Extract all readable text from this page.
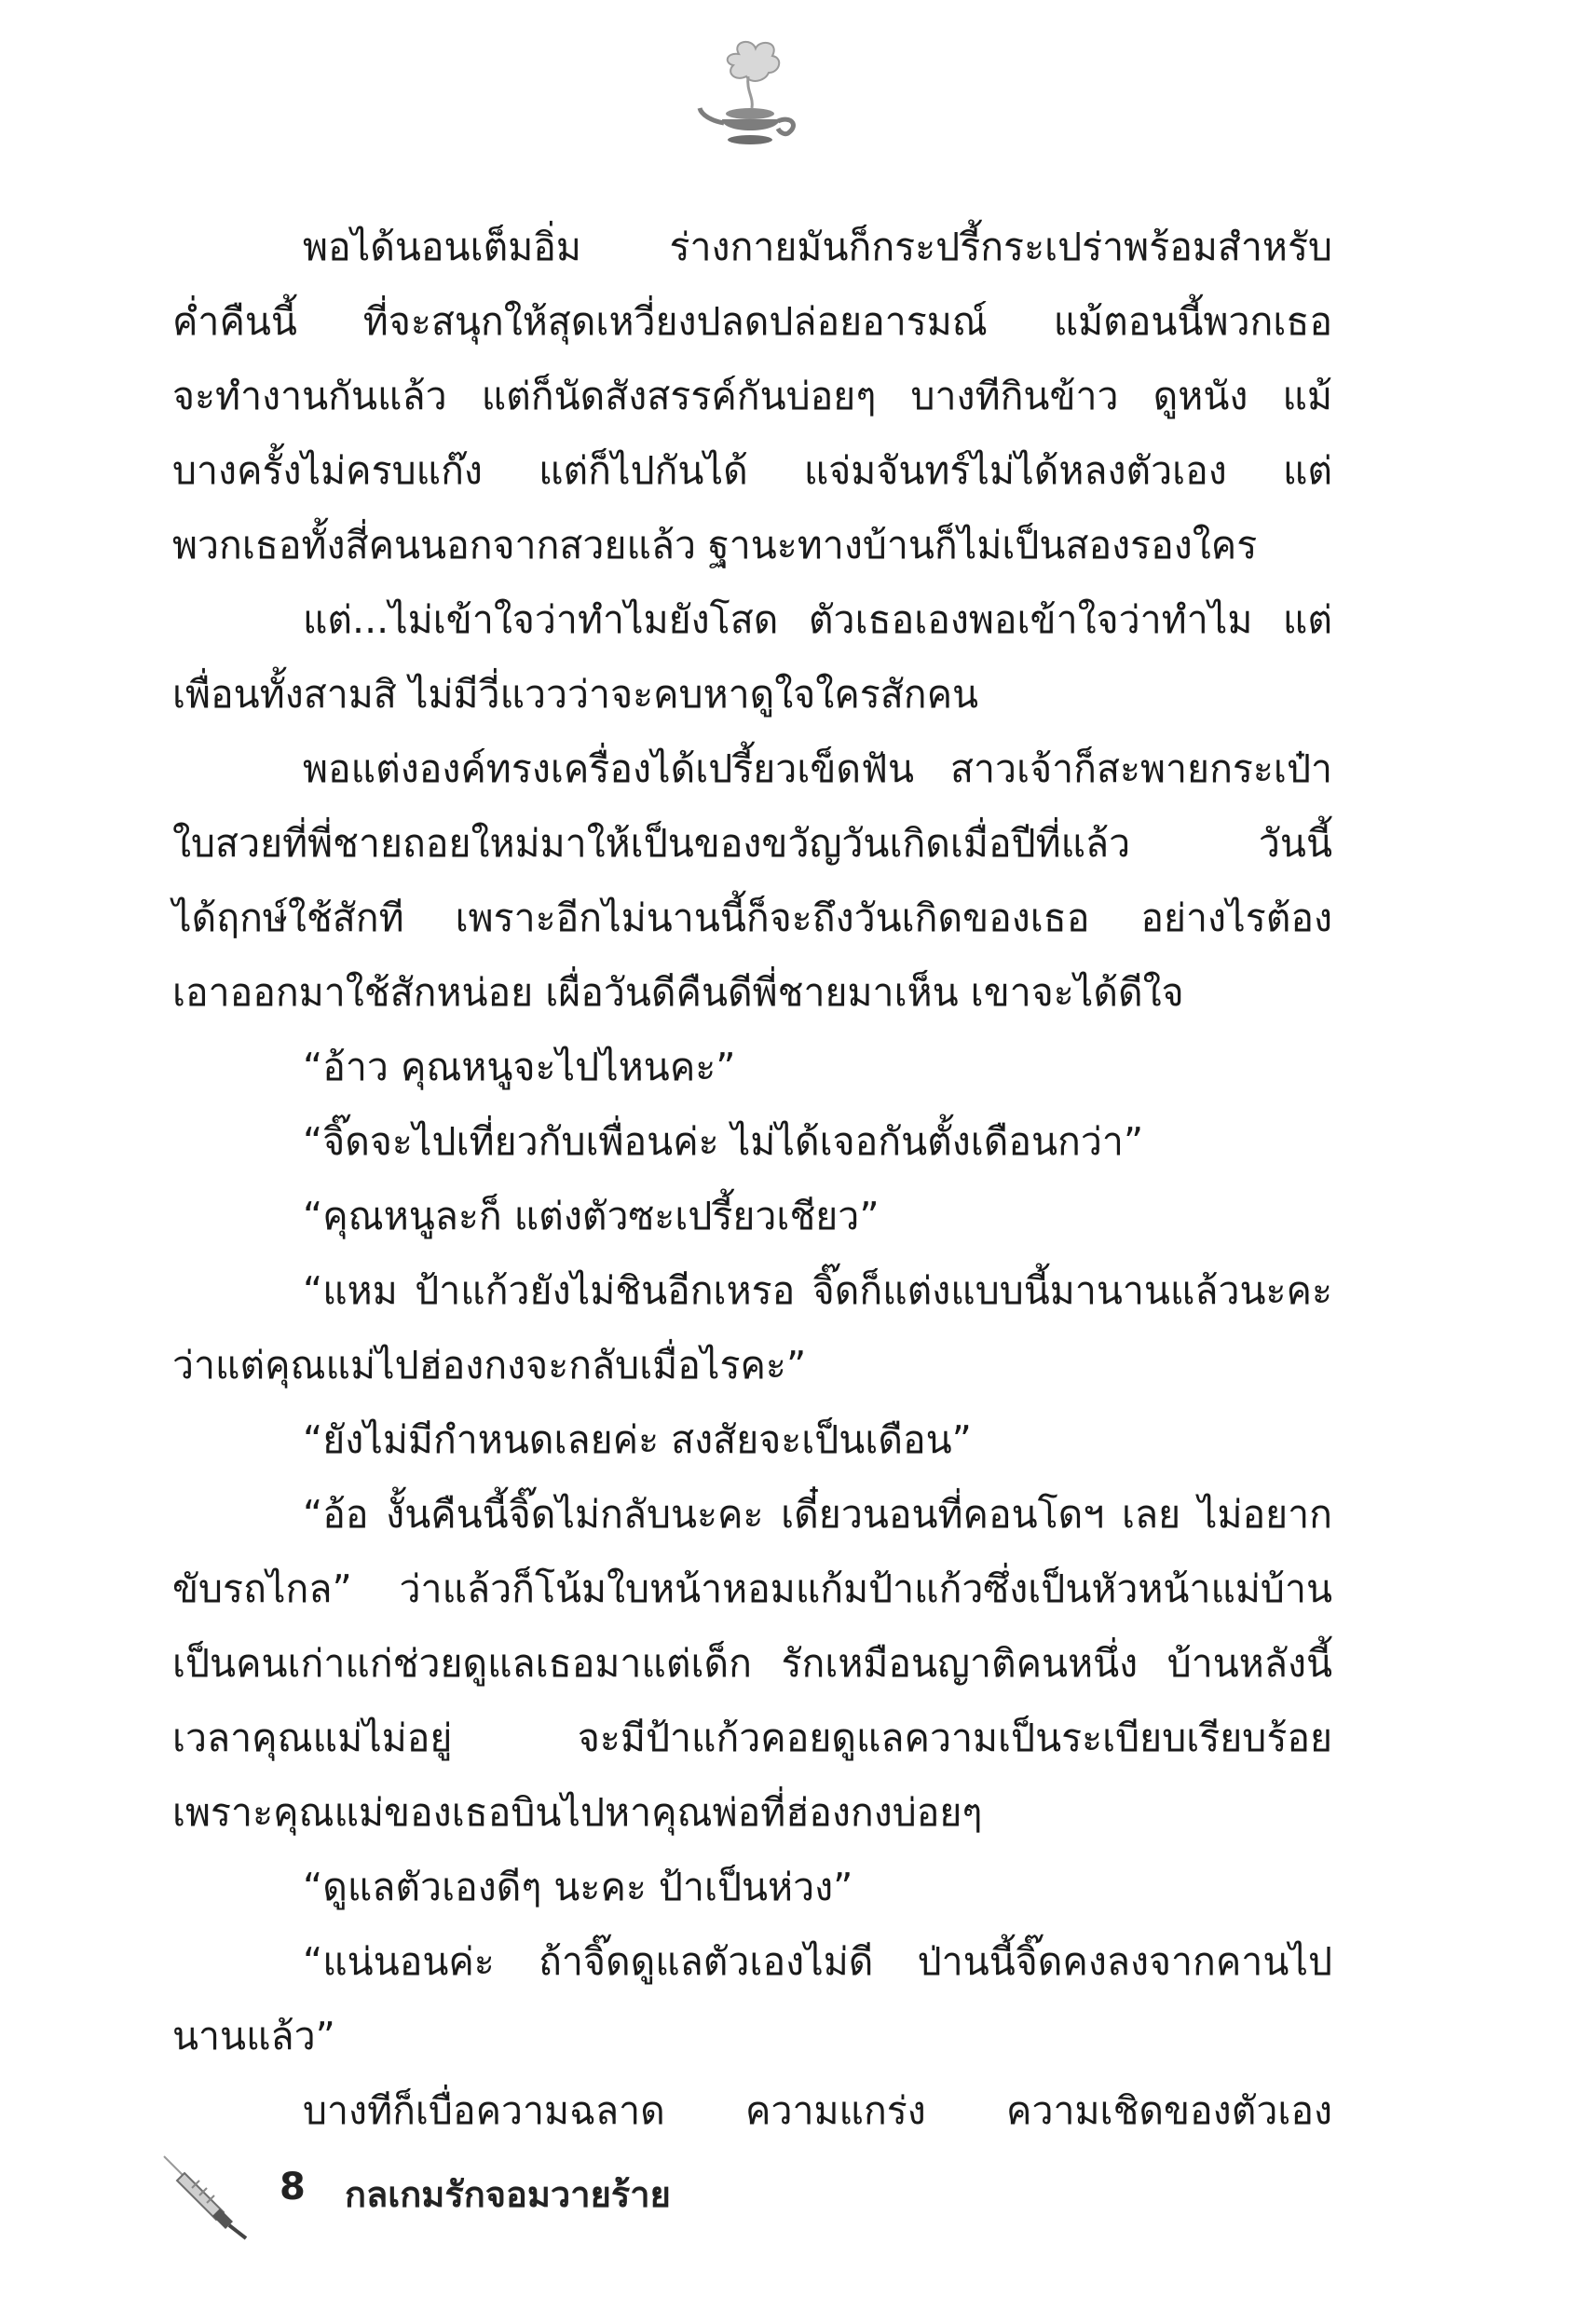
พอได้นอนเต็มอิ่ม ร่างกายมันก็กระปรี้กระเปร่าพร้อมสำหรับ
ค่ำคืนนี้ ที่จะสนุกให้สุดเหวี่ยงปลดปล่อยอารมณ์ แม้ตอนนี้พวกเธอ
จะทำงานกันแล้ว แต่ก็นัดสังสรรค์กันบ่อยๆ บางทีกินข้าว ดูหนัง แม้
บางครั้งไม่ครบแก๊ง แต่ก็ไปกันได้ แจ่มจันทร์ไม่ได้หลงตัวเอง แต่
พวกเธอทั้งสี่คนนอกจากสวยแล้ว ฐานะทางบ้านก็ไม่เป็นสองรองใคร
แต่...ไม่เข้าใจว่าทำไมยังโสด ตัวเธอเองพอเข้าใจว่าทำไม แต่
เพื่อนทั้งสามสิ ไม่มีวี่แววว่าจะคบหาดูใจใครสักคน
พอแต่งองค์ทรงเครื่องได้เปรี้ยวเข็ดฟัน สาวเจ้าก็สะพายกระเป๋า
ใบสวยที่พี่ชายถอยใหม่มาให้เป็นของขวัญวันเกิดเมื่อปีที่แล้ว วันนี้
ได้ฤกษ์ใช้สักที เพราะอีกไม่นานนี้ก็จะถึงวันเกิดของเธอ อย่างไรต้อง
เอาออกมาใช้สักหน่อย เผื่อวันดีคืนดีพี่ชายมาเห็น เขาจะได้ดีใจ
“อ้าว คุณหนูจะไปไหนคะ”
“จิ๊ดจะไปเที่ยวกับเพื่อนค่ะ ไม่ได้เจอกันตั้งเดือนกว่า”
“คุณหนูละก็ แต่งตัวซะเปรี้ยวเชียว”
“แหม ป้าแก้วยังไม่ชินอีกเหรอ จิ๊ดก็แต่งแบบนี้มานานแล้วนะคะ
ว่าแต่คุณแม่ไปฮ่องกงจะกลับเมื่อไรคะ”
“ยังไม่มีกำหนดเลยค่ะ สงสัยจะเป็นเดือน”
“อ้อ งั้นคืนนี้จิ๊ดไม่กลับนะคะ เดี๋ยวนอนที่คอนโดฯ เลย ไม่อยาก
ขับรถไกล” ว่าแล้วก็โน้มใบหน้าหอมแก้มป้าแก้วซึ่งเป็นหัวหน้าแม่บ้าน
เป็นคนเก่าแก่ช่วยดูแลเธอมาแต่เด็ก รักเหมือนญาติคนหนึ่ง บ้านหลังนี้
เวลาคุณแม่ไม่อยู่ จะมีป้าแก้วคอยดูแลความเป็นระเบียบเรียบร้อย
เพราะคุณแม่ของเธอบินไปหาคุณพ่อที่ฮ่องกงบ่อยๆ
“ดูแลตัวเองดีๆ นะคะ ป้าเป็นห่วง”
“แน่นอนค่ะ ถ้าจิ๊ดดูแลตัวเองไม่ดี ป่านนี้จิ๊ดคงลงจากคานไป
นานแล้ว”
บางทีก็เบื่อความฉลาด ความแกร่ง ความเชิดของตัวเอง
8 กลเกมรักจอมวายร้าย
